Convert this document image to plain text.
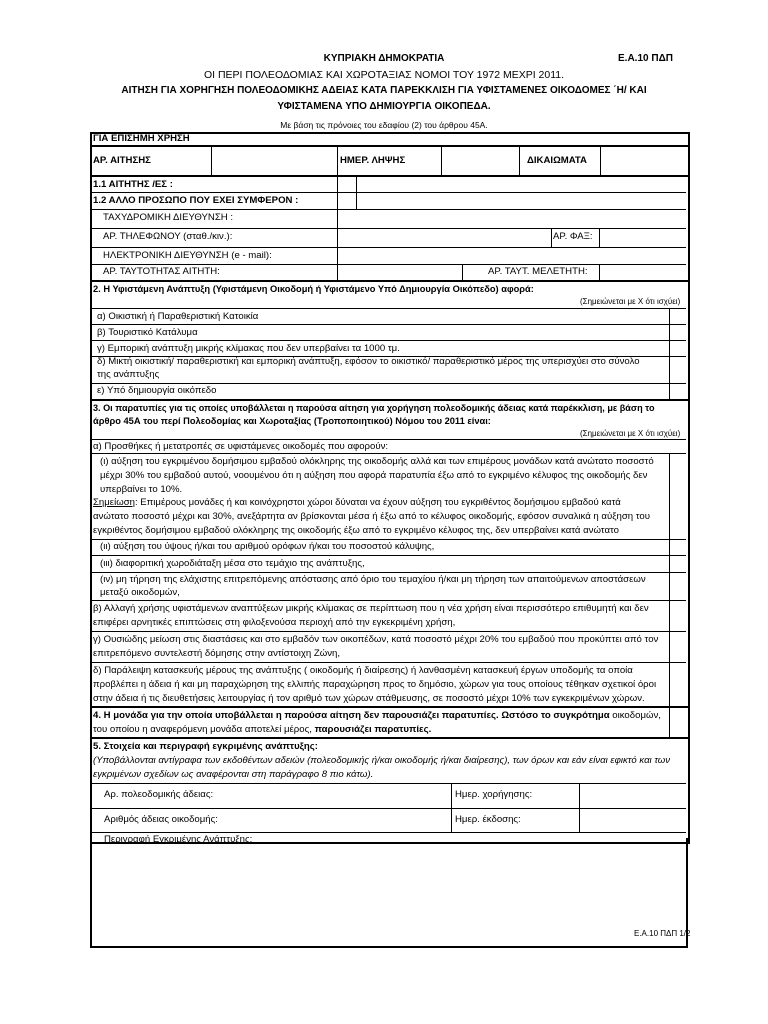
ΚΥΠΡΙΑΚΗ ΔΗΜΟΚΡΑΤΙΑ	Ε.Α.10 ΠΔΠ
ΟΙ ΠΕΡΙ ΠΟΛΕΟΔΟΜΙΑΣ ΚΑΙ ΧΩΡΟΤΑΞΙΑΣ ΝΟΜΟΙ ΤΟΥ 1972 ΜΕΧΡΙ 2011.
ΑΙΤΗΣΗ ΓΙΑ ΧΟΡΗΓΗΣΗ ΠΟΛΕΟΔΟΜΙΚΗΣ ΑΔΕΙΑΣ ΚΑΤΑ ΠΑΡΕΚΚΛΙΣΗ ΓΙΑ ΥΦΙΣΤΑΜΕΝΕΣ ΟΙΚΟΔΟΜΕΣ ΄Η/ ΚΑΙ
ΥΦΙΣΤΑΜΕΝΑ ΥΠΟ ΔΗΜΙΟΥΡΓΙΑ ΟΙΚΟΠΕΔΑ.
Με βάση τις πρόνοιες του εδαφίου (2) του άρθρου 45Α.
ΓΙΑ ΕΠΙΣΗΜΗ ΧΡΗΣΗ
ΑΡ. ΑΙΤΗΣΗΣ	ΗΜΕΡ. ΛΗΨΗΣ	ΔΙΚΑΙΩΜΑΤΑ
1.1 ΑΙΤΗΤΗΣ /ΕΣ :
1.2 ΑΛΛΟ ΠΡΟΣΩΠΟ ΠΟΥ ΕΧΕΙ ΣΥΜΦΕΡΟΝ :
ΤΑΧΥΔΡΟΜΙΚΗ ΔΙΕΥΘΥΝΣΗ :
ΑΡ. ΤΗΛΕΦΩΝΟΥ (σταθ./κιν.):	ΑΡ. ΦΑΞ:
ΗΛΕΚΤΡΟΝΙΚΗ ΔΙΕΥΘΥΝΣΗ (e - mail):
ΑΡ. ΤΑΥΤΟΤΗΤΑΣ ΑΙΤΗΤΗ:	ΑΡ. ΤΑΥΤ. ΜΕΛΕΤΗΤΗ:
2. Η Υφιστάμενη Ανάπτυξη (Υφιστάμενη Οικοδομή ή Υφιστάμενο Υπό Δημιουργία Οικόπεδο) αφορά:
(Σημειώνεται με Χ ότι ισχύει)
α) Οικιστική ή Παραθεριστική Κατοικία
β) Τουριστικό Κατάλυμα
γ) Εμπορική ανάπτυξη μικρής κλίμακας που δεν υπερβαίνει τα 1000 τμ.
δ) Μικτή οικιστική/ παραθεριστική και εμπορική ανάπτυξη, εφόσον το οικιστικό/ παραθεριστικό μέρος της υπερισχύει στο σύνολο
της ανάπτυξης
ε) Υπό δημιουργία οικόπεδο
3. Οι παρατυπίες για τις οποίες υποβάλλεται η παρούσα αίτηση για χορήγηση πολεοδομικής άδειας κατά παρέκκλιση, με βάση το
άρθρο 45Α του περί Πολεοδομίας και Χωροταξίας (Τροποποιητικού) Νόμου του 2011 είναι:
(Σημειώνεται με Χ ότι ισχύει)
α) Προσθήκες ή μετατροπές σε υφιστάμενες οικοδομές που αφορούν:
(ι) αύξηση του εγκριμένου δομήσιμου εμβαδού ολόκληρης της οικοδομής αλλά και των επιμέρους μονάδων κατά ανώτατο ποσοστό
μέχρι 30% του εμβαδού αυτού, νοουμένου ότι η αύξηση που αφορά παρατυπία έξω από το εγκριμένο κέλυφος της οικοδομής δεν
υπερβαίνει το 10%.
Σημείωση: Επιμέρους μονάδες ή και κοινόχρηστοι χώροι δύναται να έχουν αύξηση του εγκριθέντος δομήσιμου εμβαδού κατά
ανώτατο ποσοστό μέχρι και 30%, ανεξάρτητα αν βρίσκονται μέσα ή έξω από το κέλυφος οικοδομής, εφόσον συναλικά η αύξηση του
εγκριθέντος δομήσιμου εμβαδού ολόκληρης της οικοδομής έξω από το εγκριμένο κέλυφος της, δεν υπερβαίνει κατά ανώτατο
(ιι) αύξηση του ύψους ή/και του αριθμού ορόφων ή/και του ποσοστού κάλυψης,
(ιιι) διαφοριτική χωροδιάταξη μέσα στο τεμάχιο της ανάπτυξης,
(ιν) μη τήρηση της ελάχιστης επιτρεπόμενης απόστασης από όριο του τεμαχίου ή/και μη τήρηση των απαιτούμενων αποστάσεων
μεταξύ οικοδομών,
β) Αλλαγή χρήσης υφιστάμενων αναπτύξεων μικρής κλίμακας σε περίπτωση που η νέα χρήση είναι περισσότερο επιθυμητή και δεν
επιφέρει αρνητικές επιπτώσεις στη φιλοξενούσα περιοχή από την εγκεκριμένη χρήση,
γ) Ουσιώδης μείωση στις διαστάσεις και στο εμβαδόν των οικοπέδων, κατά ποσοστό μέχρι 20% του εμβαδού που προκύπτει από τον
επιτρεπόμενο συντελεστή δόμησης στην αντίστοιχη Ζώνη,
δ) Παράλειψη κατασκευής μέρους της ανάπτυξης ( οικοδομής ή διαίρεσης) ή λανθασμένη κατασκευή έργων υποδομής τα οποία
προβλέπει η άδεια ή και μη παραχώρηση της ελλιπής παραχώρηση προς το δημόσιο, χώρων για τους οποίους τέθηκαν σχετικοί όροι
στην άδεια ή τις διευθετήσεις λειτουργίας ή τον αριθμό των χώρων στάθμευσης, σε ποσοστό μέχρι 10% των εγκεκριμένων χώρων.
4. Η μονάδα για την οποία υποβάλλεται η παρούσα αίτηση δεν παρουσιάζει παρατυπίες. Ωστόσο το συγκρότημα οικοδομών,
του οποίου η αναφερόμενη μονάδα αποτελεί μέρος, παρουσιάζει παρατυπίες.
5. Στοιχεία και περιγραφή εγκριμένης ανάπτυξης:
(Υποβάλλονται αντίγραφα των εκδοθέντων αδειών (πολεοδομικής ή/και οικοδομής ή/και διαίρεσης), των όρων και εάν είναι εφικτό και των
εγκριμένων σχεδίων ως αναφέρονται στη παράγραφο 8 πιο κάτω).
Αρ. πολεοδομικής άδειας:	Ημερ. χορήγησης:
Αριθμός άδειας οικοδομής:	Ημερ. έκδοσης:
Περιγραφή Εγκριμένης Ανάπτυξης:
Ε.Α.10 ΠΔΠ 1/2
